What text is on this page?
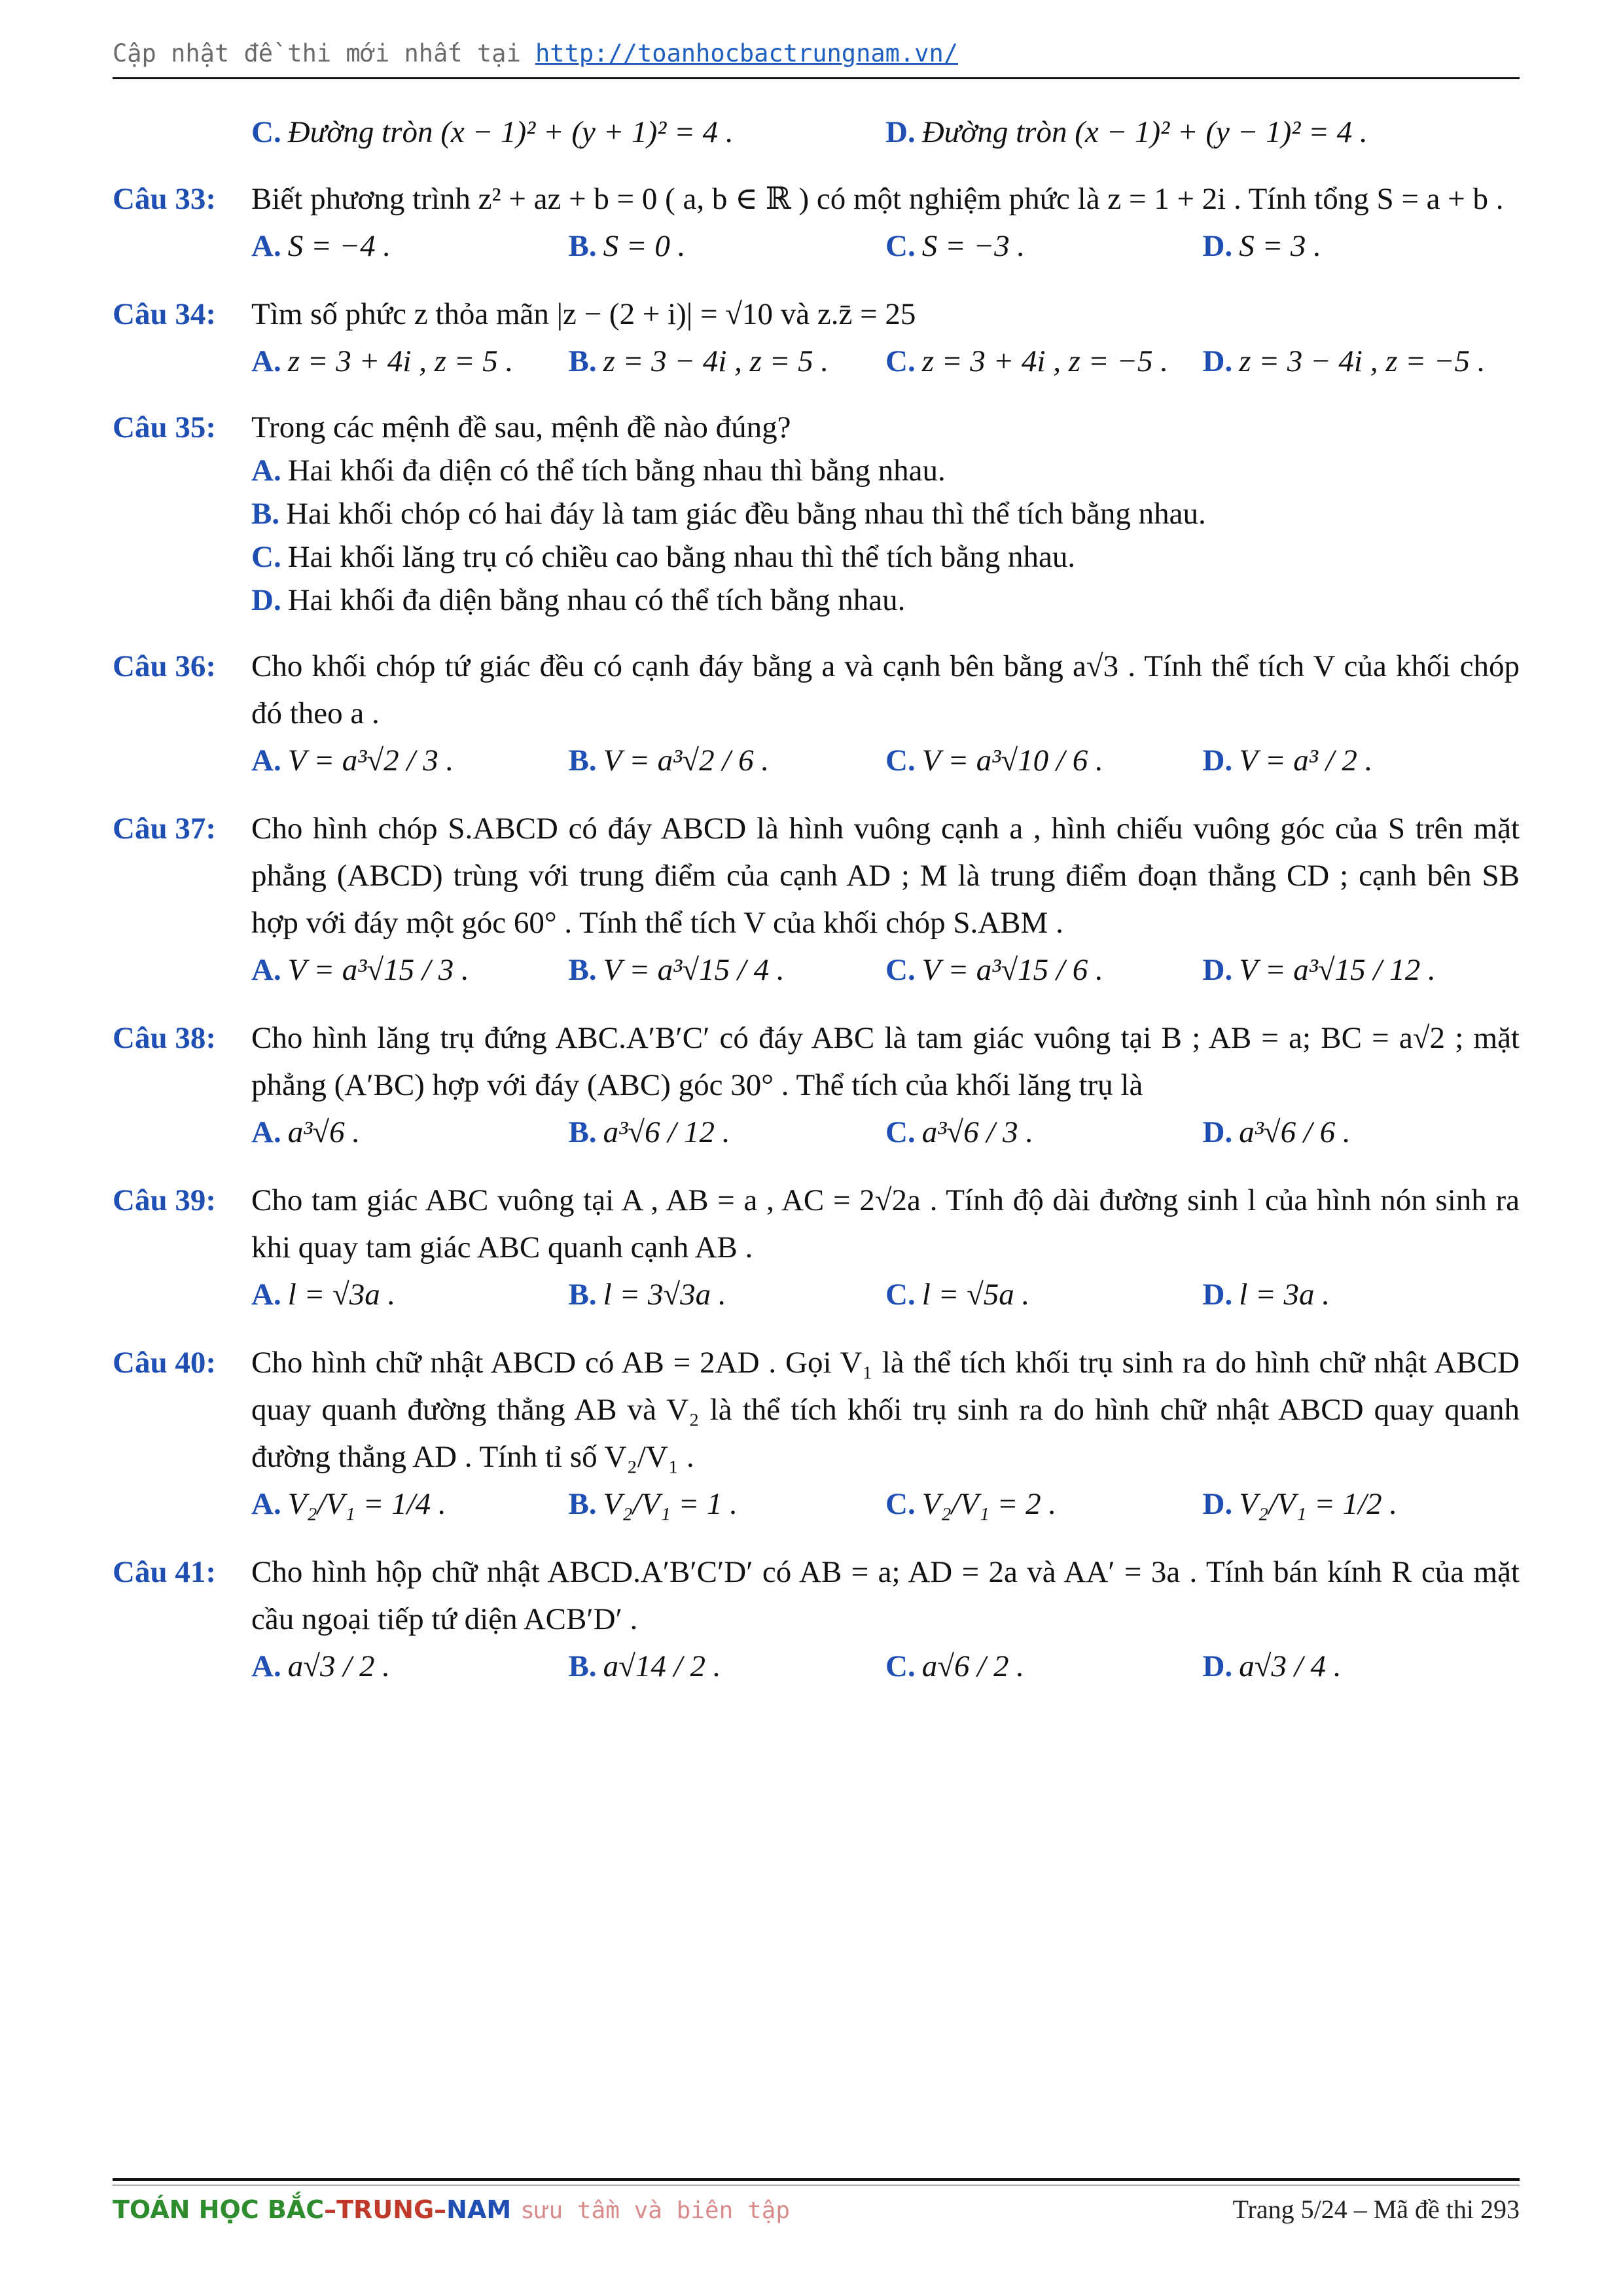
Cập nhật đề thi mới nhất tại http://toanhocbactrungnam.vn/
C. Đường tròn (x − 1)² + (y + 1)² = 4 .	D. Đường tròn (x − 1)² + (y − 1)² = 4 .
Câu 33: Biết phương trình z² + az + b = 0 ( a, b ∈ ℝ ) có một nghiệm phức là z = 1 + 2i . Tính tổng S = a + b .
A. S = −4 .	B. S = 0 .	C. S = −3 .	D. S = 3 .
Câu 34: Tìm số phức z thỏa mãn |z − (2 + i)| = √10 và z.z̄ = 25
A. z = 3 + 4i , z = 5 .	B. z = 3 − 4i , z = 5 .	C. z = 3 + 4i , z = −5 .	D. z = 3 − 4i , z = −5 .
Câu 35: Trong các mệnh đề sau, mệnh đề nào đúng?
A. Hai khối đa diện có thể tích bằng nhau thì bằng nhau.
B. Hai khối chóp có hai đáy là tam giác đều bằng nhau thì thể tích bằng nhau.
C. Hai khối lăng trụ có chiều cao bằng nhau thì thể tích bằng nhau.
D. Hai khối đa diện bằng nhau có thể tích bằng nhau.
Câu 36: Cho khối chóp tứ giác đều có cạnh đáy bằng a và cạnh bên bằng a√3 . Tính thể tích V của khối chóp đó theo a .
A. V = a³√2 / 3 .	B. V = a³√2 / 6 .	C. V = a³√10 / 6 .	D. V = a³ / 2 .
Câu 37: Cho hình chóp S.ABCD có đáy ABCD là hình vuông cạnh a , hình chiếu vuông góc của S trên mặt phẳng (ABCD) trùng với trung điểm của cạnh AD ; M là trung điểm đoạn thẳng CD ; cạnh bên SB hợp với đáy một góc 60° . Tính thể tích V của khối chóp S.ABM .
A. V = a³√15 / 3 .	B. V = a³√15 / 4 .	C. V = a³√15 / 6 .	D. V = a³√15 / 12 .
Câu 38: Cho hình lăng trụ đứng ABC.A′B′C′ có đáy ABC là tam giác vuông tại B ; AB = a; BC = a√2 ; mặt phẳng (A′BC) hợp với đáy (ABC) góc 30° . Thể tích của khối lăng trụ là
A. a³√6 .	B. a³√6 / 12 .	C. a³√6 / 3 .	D. a³√6 / 6 .
Câu 39: Cho tam giác ABC vuông tại A , AB = a , AC = 2√2a . Tính độ dài đường sinh l của hình nón sinh ra khi quay tam giác ABC quanh cạnh AB .
A. l = √3a .	B. l = 3√3a .	C. l = √5a .	D. l = 3a .
Câu 40: Cho hình chữ nhật ABCD có AB = 2AD . Gọi V₁ là thể tích khối trụ sinh ra do hình chữ nhật ABCD quay quanh đường thẳng AB và V₂ là thể tích khối trụ sinh ra do hình chữ nhật ABCD quay quanh đường thẳng AD . Tính tỉ số V₂/V₁ .
A. V₂/V₁ = 1/4 .	B. V₂/V₁ = 1 .	C. V₂/V₁ = 2 .	D. V₂/V₁ = 1/2 .
Câu 41: Cho hình hộp chữ nhật ABCD.A′B′C′D′ có AB = a; AD = 2a và AA′ = 3a . Tính bán kính R của mặt cầu ngoại tiếp tứ diện ACB′D′ .
A. a√3 / 2 .	B. a√14 / 2 .	C. a√6 / 2 .	D. a√3 / 4 .
TOÁN HỌC BẮC–TRUNG–NAM sưu tầm và biên tập	Trang 5/24 – Mã đề thi 293
